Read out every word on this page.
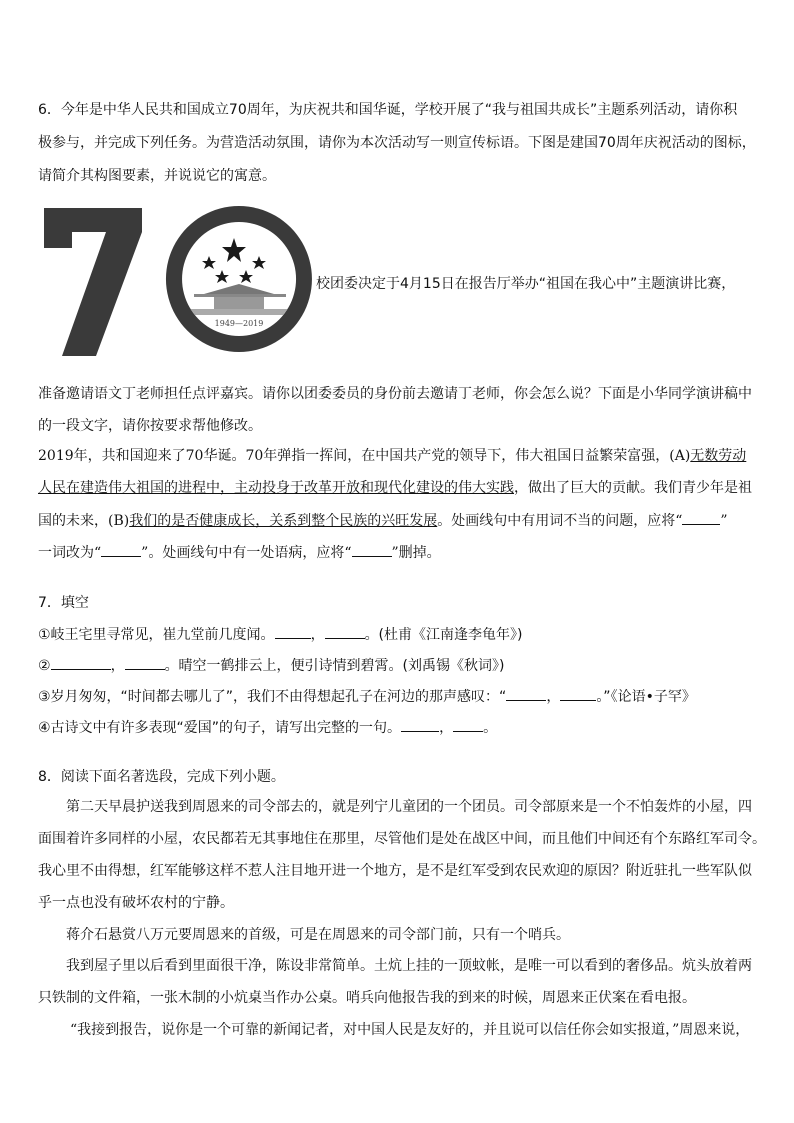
6．今年是中华人民共和国成立70周年，为庆祝共和国华诞，学校开展了“我与祖国共成长”主题系列活动，请你积
极参与，并完成下列任务。为营造活动氛围，请你为本次活动写一则宣传标语。下图是建国70周年庆祝活动的图标，
请简介其构图要素，并说说它的寓意。
1949—2019
校团委决定于4月15日在报告厅举办“祖国在我心中”主题演讲比赛，
准备邀请语文丁老师担任点评嘉宾。请你以团委委员的身份前去邀请丁老师，你会怎么说？下面是小华同学演讲稿中
的一段文字，请你按要求帮他修改。
2019年，共和国迎来了70华诞。70年弹指一挥间，在中国共产党的领导下，伟大祖国日益繁荣富强，(A)无数劳动
人民在建造伟大祖国的进程中，主动投身于改革开放和现代化建设的伟大实践，做出了巨大的贡献。我们青少年是祖
国的未来，(B)我们的是否健康成长，关系到整个民族的兴旺发展。处画线句中有用词不当的问题，应将“	”
一词改为“	”。处画线句中有一处语病，应将“	”删掉。
7．填空
①岐王宅里寻常见，崔九堂前几度闻。	，	。(杜甫《江南逢李龟年》)
②	，	。晴空一鹤排云上，便引诗情到碧霄。(刘禹锡《秋词》)
③岁月匆匆，“时间都去哪儿了”，我们不由得想起孔子在河边的那声感叹：“	，	。”《论语•子罕》
④古诗文中有许多表现“爱国”的句子，请写出完整的一句。	， 。
8．阅读下面名著选段，完成下列小题。
第二天早晨护送我到周恩来的司令部去的，就是列宁儿童团的一个团员。司令部原来是一个不怕轰炸的小屋，四
面围着许多同样的小屋，农民都若无其事地住在那里，尽管他们是处在战区中间，而且他们中间还有个东路红军司令。
我心里不由得想，红军能够这样不惹人注目地开进一个地方，是不是红军受到农民欢迎的原因？附近驻扎一些军队似
乎一点也没有破坏农村的宁静。
蒋介石悬赏八万元要周恩来的首级，可是在周恩来的司令部门前，只有一个哨兵。
我到屋子里以后看到里面很干净，陈设非常简单。土炕上挂的一顶蚊帐，是唯一可以看到的奢侈品。炕头放着两
只铁制的文件箱，一张木制的小炕桌当作办公桌。哨兵向他报告我的到来的时候，周恩来正伏案在看电报。
“我接到报告，说你是一个可靠的新闻记者，对中国人民是友好的，并且说可以信任你会如实报道，”周恩来说，
